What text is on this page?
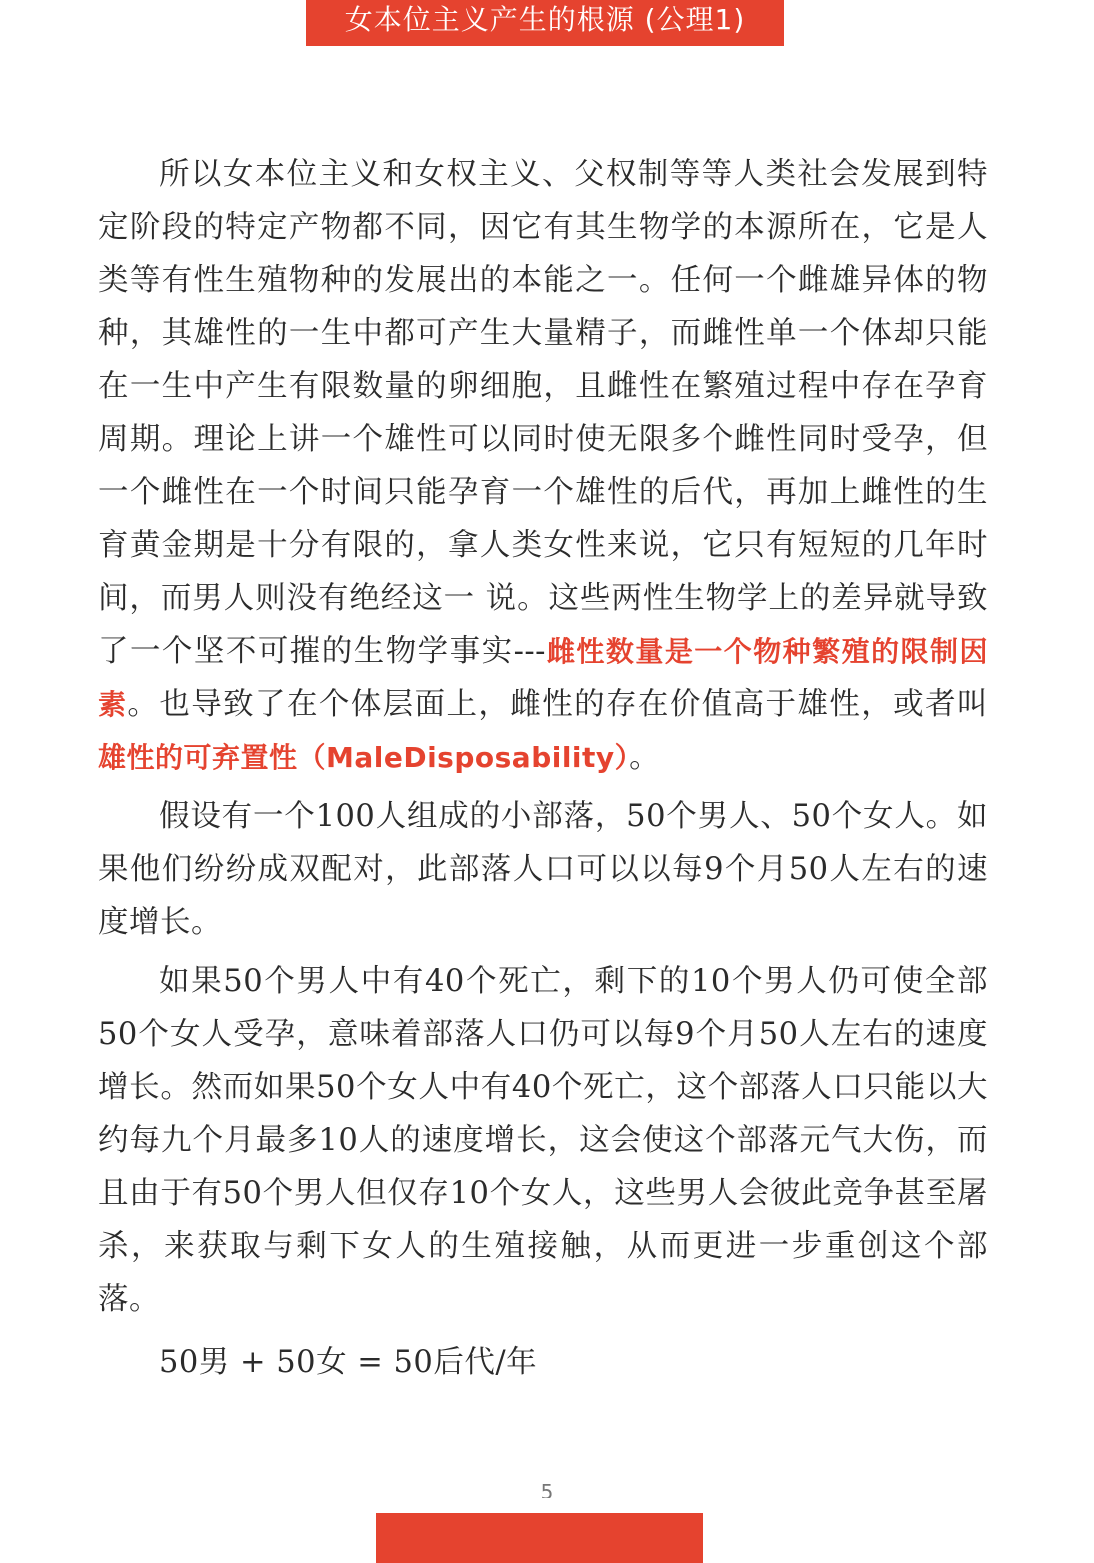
女本位主义产生的根源 (公理1)

所以女本位主义和女权主义、父权制等等人类社会发展到特定阶段的特定产物都不同，因它有其生物学的本源所在，它是人类等有性生殖物种的发展出的本能之一。任何一个雌雄异体的物种，其雄性的一生中都可产生大量精子，而雌性单一个体却只能在一生中产生有限数量的卵细胞，且雌性在繁殖过程中存在孕育周期。理论上讲一个雄性可以同时使无限多个雌性同时受孕，但一个雌性在一个时间只能孕育一个雄性的后代，再加上雌性的生育黄金期是十分有限的，拿人类女性来说，它只有短短的几年时间，而男人则没有绝经这一 说。这些两性生物学上的差异就导致了一个坚不可摧的生物学事实---雌性数量是一个物种繁殖的限制因素。也导致了在个体层面上，雌性的存在价值高于雄性，或者叫雄性的可弃置性（MaleDisposability）。

假设有一个100人组成的小部落，50个男人、50个女人。如果他们纷纷成双配对，此部落人口可以以每9个月50人左右的速度增长。

如果50个男人中有40个死亡，剩下的10个男人仍可使全部50个女人受孕，意味着部落人口仍可以每9个月50人左右的速度增长。然而如果50个女人中有40个死亡，这个部落人口只能以大约每九个月最多10人的速度增长，这会使这个部落元气大伤，而且由于有50个男人但仅存10个女人，这些男人会彼此竞争甚至屠杀，来获取与剩下女人的生殖接触，从而更进一步重创这个部落。

50男 + 50女 = 50后代/年

5
